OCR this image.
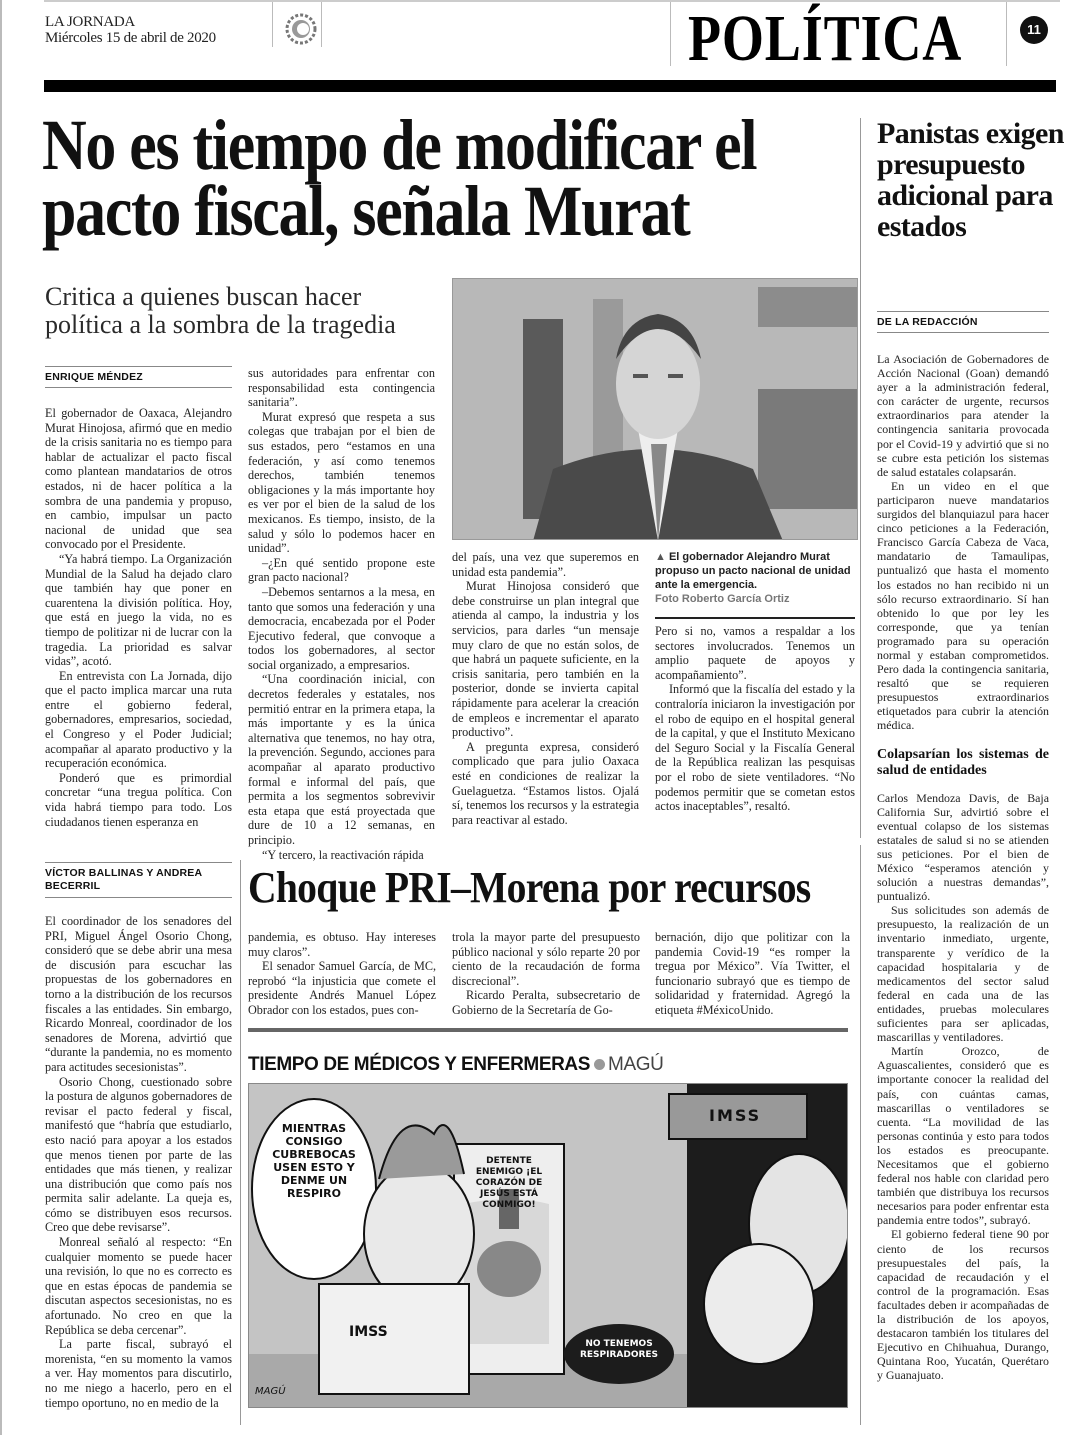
LA JORNADA
Miércoles 15 de abril de 2020	POLÍTICA	11
No es tiempo de modificar el pacto fiscal, señala Murat
Critica a quienes buscan hacer política a la sombra de la tragedia
ENRIQUE MÉNDEZ

El gobernador de Oaxaca, Alejandro Murat Hinojosa, afirmó que en medio de la crisis sanitaria no es tiempo para hablar de actualizar el pacto fiscal como plantean mandatarios de otros estados, ni de hacer política a la sombra de una pandemia y propuso, en cambio, impulsar un pacto nacional de unidad que sea convocado por el Presidente.

“Ya habrá tiempo. La Organización Mundial de la Salud ha dejado claro que también hay que poner en cuarentena la división política. Hoy, que está en juego la vida, no es tiempo de politizar ni de lucrar con la tragedia. La prioridad es salvar vidas”, acotó.

En entrevista con La Jornada, dijo que el pacto implica marcar una ruta entre el gobierno federal, gobernadores, empresarios, sociedad, el Congreso y el Poder Judicial; acompañar al aparato productivo y la recuperación económica.

Ponderó que es primordial concretar “una tregua política. Con vida habrá tiempo para todo. Los ciudadanos tienen esperanza en

sus autoridades para enfrentar con responsabilidad esta contingencia sanitaria”.

Murat expresó que respeta a sus colegas que trabajan por el bien de sus estados, pero “estamos en una federación, y así como tenemos derechos, también tenemos obligaciones y la más importante hoy es ver por el bien de la salud de los mexicanos. Es tiempo, insisto, de la salud y sólo lo podemos hacer en unidad”.

–¿En qué sentido propone este gran pacto nacional?

–Debemos sentarnos a la mesa, en tanto que somos una federación y una democracia, encabezada por el Poder Ejecutivo federal, que convoque a todos los gobernadores, al sector social organizado, a empresarios.

“Una coordinación inicial, con decretos federales y estatales, nos permitió entrar en la primera etapa, la más importante y es la única alternativa que tenemos, no hay otra, la prevención. Segundo, acciones para acompañar al aparato productivo formal e informal del país, que permita a los segmentos sobrevivir esta etapa que está proyectada que dure de 10 a 12 semanas, en principio.

“Y tercero, la reactivación rápida

del país, una vez que superemos en unidad esta pandemia”.

Murat Hinojosa consideró que debe construirse un plan integral que atienda al campo, la industria y los servicios, para darles “un mensaje muy claro de que no están solos, de que habrá un paquete suficiente, en la crisis sanitaria, pero también en la posterior, donde se invierta capital rápidamente para acelerar la creación de empleos e incrementar el aparato productivo”.

A pregunta expresa, consideró complicado que para julio Oaxaca esté en condiciones de realizar la Guelaguetza. “Estamos listos. Ojalá sí, tenemos los recursos y la estrategia para reactivar al estado.

▲ El gobernador Alejandro Murat propuso un pacto nacional de unidad ante la emergencia.
Foto Roberto García Ortiz

Pero si no, vamos a respaldar a los sectores involucrados. Tenemos un amplio paquete de apoyos y acompañamiento”.

Informó que la fiscalía del estado y la contraloría iniciaron la investigación por el robo de equipo en el hospital general de la capital, y que el Instituto Mexicano del Seguro Social y la Fiscalía General de la República realizan las pesquisas por el robo de siete ventiladores. “No podemos permitir que se cometan estos actos inaceptables”, resaltó.

Panistas exigen presupuesto adicional para estados
DE LA REDACCIÓN

La Asociación de Gobernadores de Acción Nacional (Goan) demandó ayer a la administración federal, con carácter de urgente, recursos extraordinarios para atender la contingencia sanitaria provocada por el Covid-19 y advirtió que si no se cubre esta petición los sistemas de salud estatales colapsarán.

En un video en el que participaron nueve mandatarios surgidos del blanquiazul para hacer cinco peticiones a la Federación, Francisco García Cabeza de Vaca, mandatario de Tamaulipas, puntualizó que hasta el momento los estados no han recibido ni un sólo recurso extraordinario. Sí han obtenido lo que por ley les corresponde, que ya tenían programado para su operación normal y estaban comprometidos. Pero dada la contingencia sanitaria, resaltó que se requieren presupuestos extraordinarios etiquetados para cubrir la atención médica.

Colapsarían los sistemas de salud de entidades

Carlos Mendoza Davis, de Baja California Sur, advirtió sobre el eventual colapso de los sistemas estatales de salud si no se atienden sus peticiones. Por el bien de México “esperamos atención y solución a nuestras demandas”, puntualizó.

Sus solicitudes son además de presupuesto, la realización de un inventario inmediato, urgente, transparente y verídico de la capacidad hospitalaria y de medicamentos del sector salud federal en cada una de las entidades, pruebas moleculares suficientes para ser aplicadas, mascarillas y ventiladores.

Martín Orozco, de Aguascalientes, consideró que es importante conocer la realidad del país, con cuántas camas, mascarillas o ventiladores se cuenta. “La movilidad de las personas continúa y esto para todos los estados es preocupante. Necesitamos que el gobierno federal nos hable con claridad pero también que distribuya los recursos necesarios para poder enfrentar esta pandemia entre todos”, subrayó.

El gobierno federal tiene 90 por ciento de los recursos presupuestales del país, la capacidad de recaudación y el control de la programación. Esas facultades deben ir acompañadas de la distribución de los apoyos, destacaron también los titulares del Ejecutivo en Chihuahua, Durango, Quintana Roo, Yucatán, Querétaro y Guanajuato.

VÍCTOR BALLINAS Y ANDREA BECERRIL	Choque PRI–Morena por recursos

El coordinador de los senadores del PRI, Miguel Ángel Osorio Chong, consideró que se debe abrir una mesa de discusión para escuchar las propuestas de los gobernadores en torno a la distribución de los recursos fiscales a las entidades. Sin embargo, Ricardo Monreal, coordinador de los senadores de Morena, advirtió que “durante la pandemia, no es momento para actitudes secesionistas”.

Osorio Chong, cuestionado sobre la postura de algunos gobernadores de revisar el pacto federal y fiscal, manifestó que “habría que estudiarlo, esto nació para apoyar a los estados que menos tienen por parte de las entidades que más tienen, y realizar una distribución que como país nos permita salir adelante. La queja es, cómo se distribuyen esos recursos. Creo que debe revisarse”.

Monreal señaló al respecto: “En cualquier momento se puede hacer una revisión, lo que no es correcto es que en estas épocas de pandemia se discutan aspectos secesionistas, no es afortunado. No creo en que la República se deba cercenar”.

La parte fiscal, subrayó el morenista, “en su momento la vamos a ver. Hay momentos para discutirlo, no me niego a hacerlo, pero en el tiempo oportuno, no en medio de la

pandemia, es obtuso. Hay intereses muy claros”.

El senador Samuel García, de MC, reprobó “la injusticia que comete el presidente Andrés Manuel López Obrador con los estados, pues con-

trola la mayor parte del presupuesto público nacional y sólo reparte 20 por ciento de la recaudación de forma discrecional”.

Ricardo Peralta, subsecretario de Gobierno de la Secretaría de Go-

bernación, dijo que politizar con la pandemia Covid-19 “es romper la tregua por México”. Vía Twitter, el funcionario subrayó que es tiempo de solidaridad y fraternidad. Agregó la etiqueta #MéxicoUnido.

TIEMPO DE MÉDICOS Y ENFERMERAS MAGÚ
MIENTRAS CONSIGO CUBREBOCAS USEN ESTO Y DENME UN RESPIRO
DETENTE ENEMIGO ¡EL CORAZÓN DE JESÚS ESTÁ CONMIGO!
NO TENEMOS RESPIRADORES
IMSS
IMSS
MAGÚ
